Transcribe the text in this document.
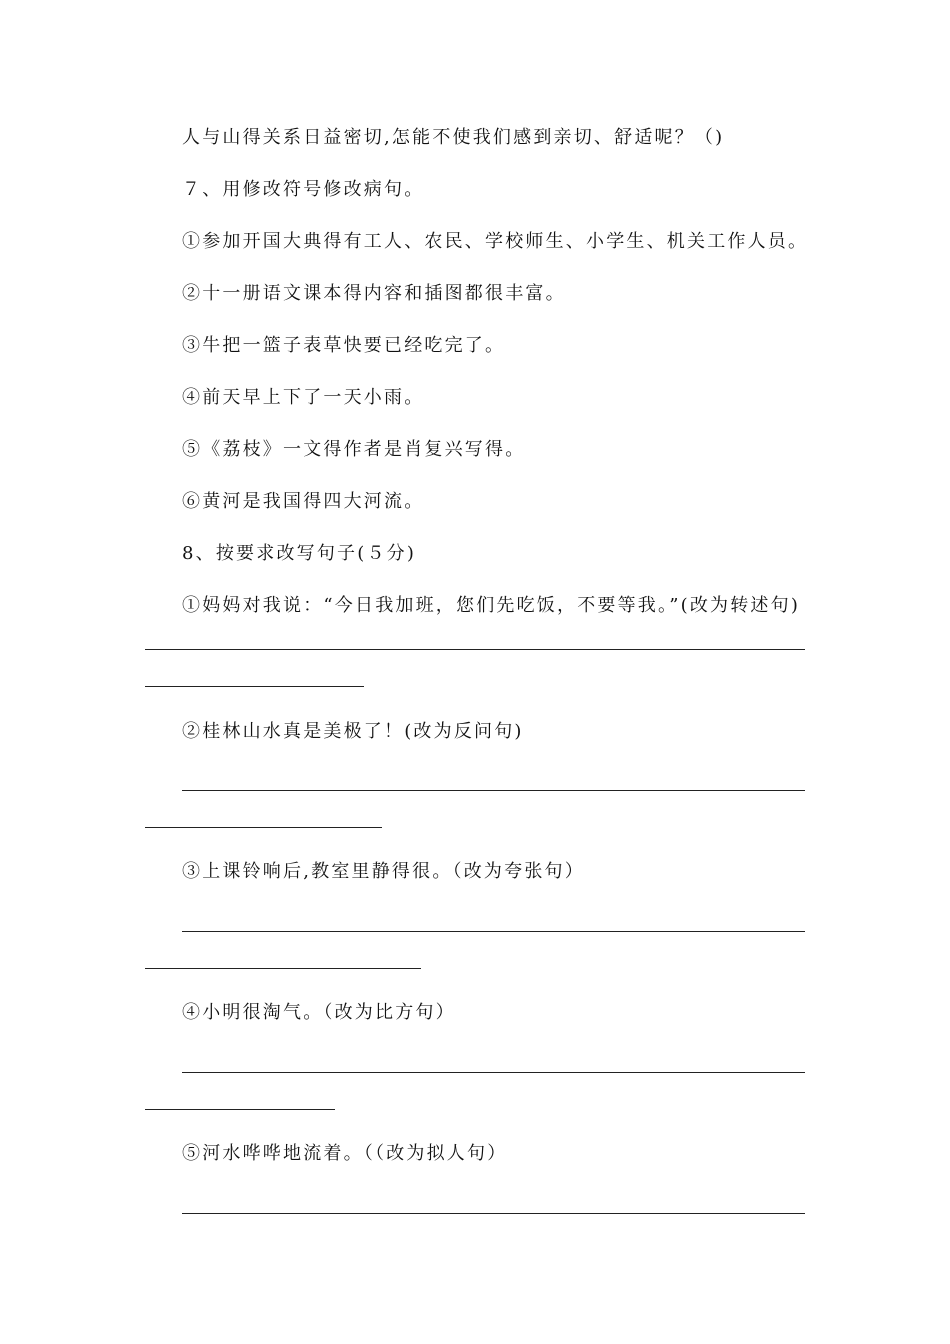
人与山得关系日益密切,怎能不使我们感到亲切、舒适呢？（)
７、用修改符号修改病句。
①参加开国大典得有工人、农民、学校师生、小学生、机关工作人员。
②十一册语文课本得内容和插图都很丰富。
③牛把一篮子表草快要已经吃完了。
④前天早上下了一天小雨。
⑤《荔枝》一文得作者是肖复兴写得。
⑥黄河是我国得四大河流。
8、按要求改写句子(５分)
①妈妈对我说：“今日我加班，您们先吃饭，不要等我。”(改为转述句)
②桂林山水真是美极了！(改为反问句)
③上课铃响后,教室里静得很。（改为夸张句）
④小明很淘气。（改为比方句）
⑤河水哗哗地流着。（（改为拟人句）
